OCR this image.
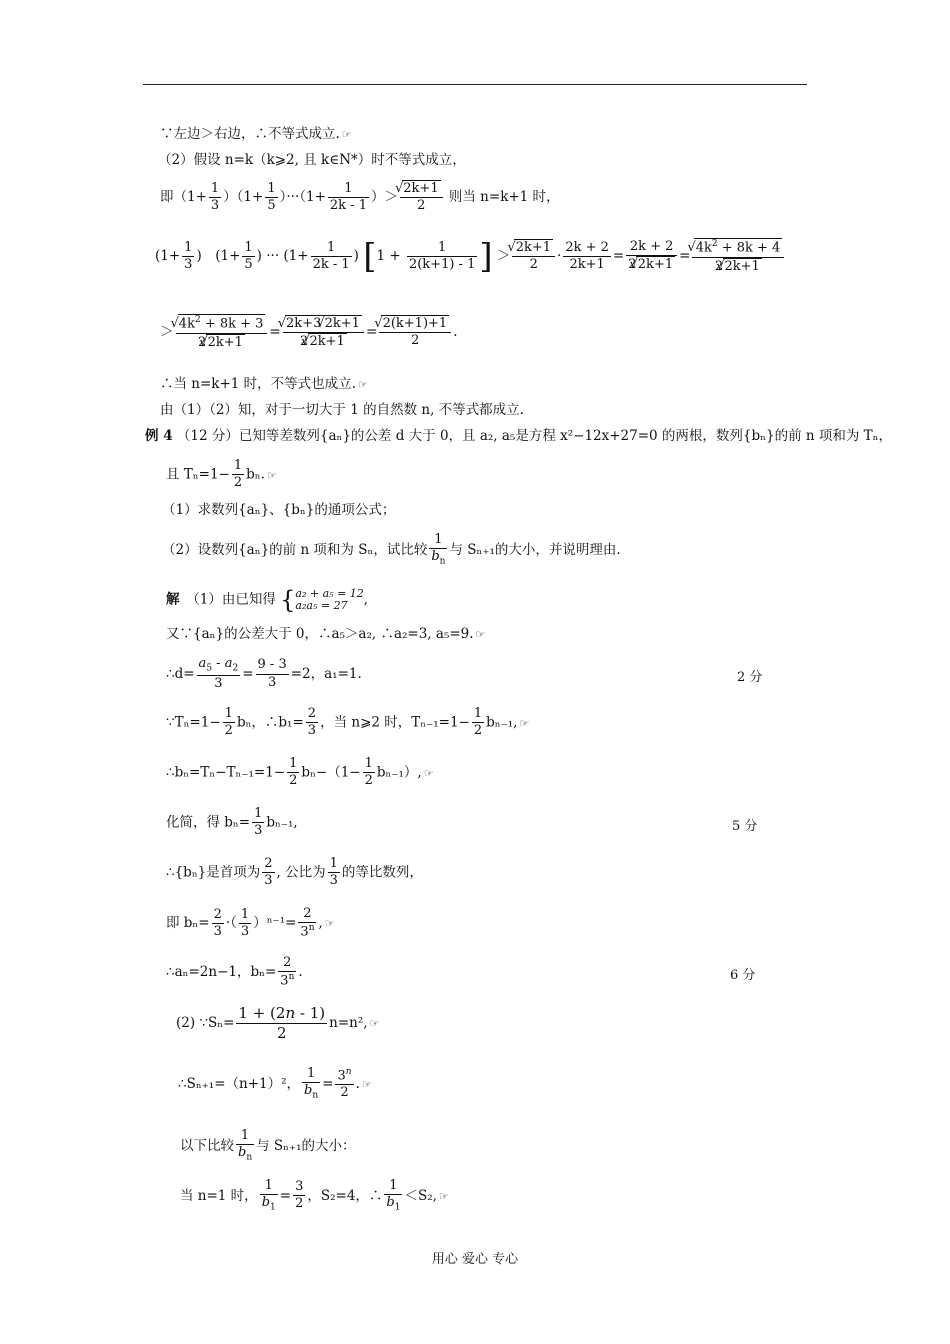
∵左边＞右边，∴不等式成立. ☞
（2）假设 n=k（k⩾2, 且 k∈N*）时不等式成立，
即$(1+ \frac{1}{3} )(1+ \frac{1}{5} )\cdot\cdot\cdot(1+ \frac{1}{2k - 1}$ ）＞ √ $\frac{2k+1}{2}$ 则当 n=k+1 时，
($1+ \frac{1}{3}$ )　($1+ \frac{1}{5}$ ) ··· ($1+ \frac{1}{2k - 1}$ ) [$1 + \frac{1}{2(k+1) - 1}$ ] ＞ √ $\frac{2k+1}{2} \cdot \frac{2k + 2}{2k+1} = \frac{2k + 2}{2√ 2k+1}$ = √ $\frac{4k^2 + 8k + 4}{2√ 2k+1}$
＞ √ $\frac{4k^2 + 8k + 3}{2√ 2k+1}$ = √ $\frac{2k+3 √ 2k+1}{2√ 2k+1}$ = √ $\frac{2(k+1)+1}{2}$ .
∴当 n=k+1 时，不等式也成立. ☞
由（1）（2）知，对于一切大于 1 的自然数 n, 不等式都成立.
例 4 （12 分）已知等差数列{aₙ}的公差 d 大于 0，且 a₂, a₅是方程 x²−12x+27=0 的两根，数列{bₙ}的前 n 项和为 Tₙ，
且 $T_n=1- \frac{1}{2} b_n$. ☞
（1）求数列{aₙ}、{bₙ}的通项公式；
（2）设数列{aₙ}的前 n 项和为 Sₙ，试比较 $\frac{1}{b_n}$ 与 Sₙ₊₁的大小，并说明理由.
解　 （1）由已知得 {a₂ + a₅ = 12
a₂a₅ = 27 ,
又∵{aₙ}的公差大于 0，∴a₅＞a₂, ∴a₂=3, a₅=9. ☞
∴d= $\frac{a_5 - a_2}{3} = \frac{9 - 3}{3} =2$，a₁=1.	2 分
∵Tₙ=1− $\frac{1}{2}$ bₙ，∴b₁= $\frac{2}{3}$ ，当 n⩾2 时，$T_{n-1}=1- \frac{1}{2} b_{n-1}$, ☞
∴bₙ=Tₙ−Tₙ₋₁=1− $\frac{1}{2} b_n-(1- \frac{1}{2} b_{n-1})$, ☞
化简，得 $b_n= \frac{1}{3} b_{n-1}$,	5 分
∴{bₙ}是首项为 $\frac{2}{3}$ , 公比为 $\frac{1}{3}$ 的等比数列，
即 $b_n= \frac{2}{3}$ ·（ $\frac{1}{3} )^{n-1}= \frac{2}{3^n}$ , ☞
∴aₙ=2n−1，$b_n= \frac{2}{3^n}$ .	6 分
(2) ∵Sₙ= $\frac{1 + (2n - 1)}{2} n=n^2$, ☞
∴Sₙ₊₁=（n+1）²， $\frac{1}{b_n} = \frac{3^n}{2}$ . ☞
以下比较 $\frac{1}{b_n}$ 与 Sₙ₊₁的大小：
当 n=1 时， $\frac{1}{b_1} = \frac{3}{2}$ ，S₂=4，∴ $\frac{1}{b_1} <S_2$, ☞
用心 爱心 专心
